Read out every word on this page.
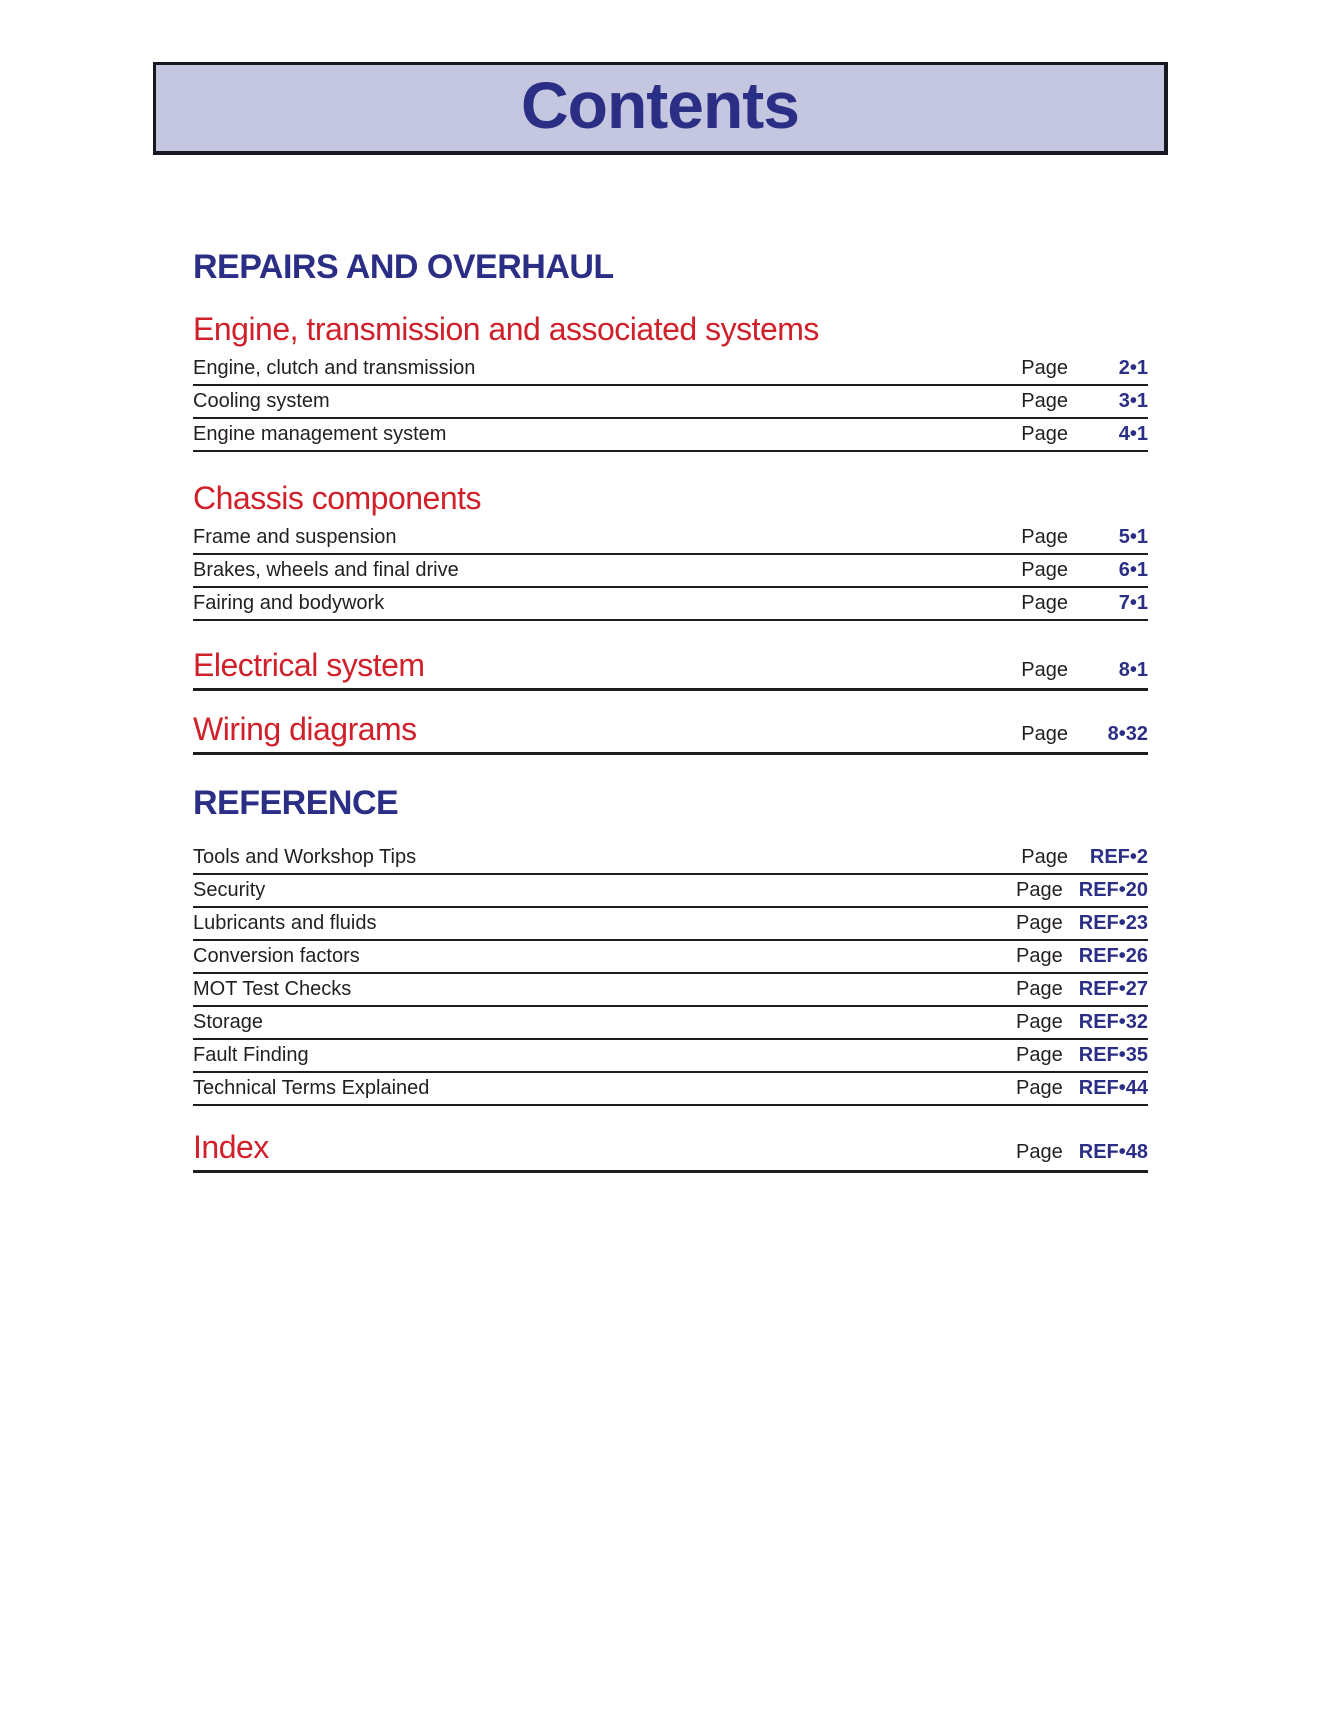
Contents
REPAIRS AND OVERHAUL
Engine, transmission and associated systems
Engine, clutch and transmission	Page	2•1
Cooling system	Page	3•1
Engine management system	Page	4•1
Chassis components
Frame and suspension	Page	5•1
Brakes, wheels and final drive	Page	6•1
Fairing and bodywork	Page	7•1
Electrical system	Page	8•1
Wiring diagrams	Page	8•32
REFERENCE
Tools and Workshop Tips	Page REF•2
Security	Page REF•20
Lubricants and fluids	Page REF•23
Conversion factors	Page REF•26
MOT Test Checks	Page REF•27
Storage	Page REF•32
Fault Finding	Page REF•35
Technical Terms Explained	Page REF•44
Index	Page REF•48
